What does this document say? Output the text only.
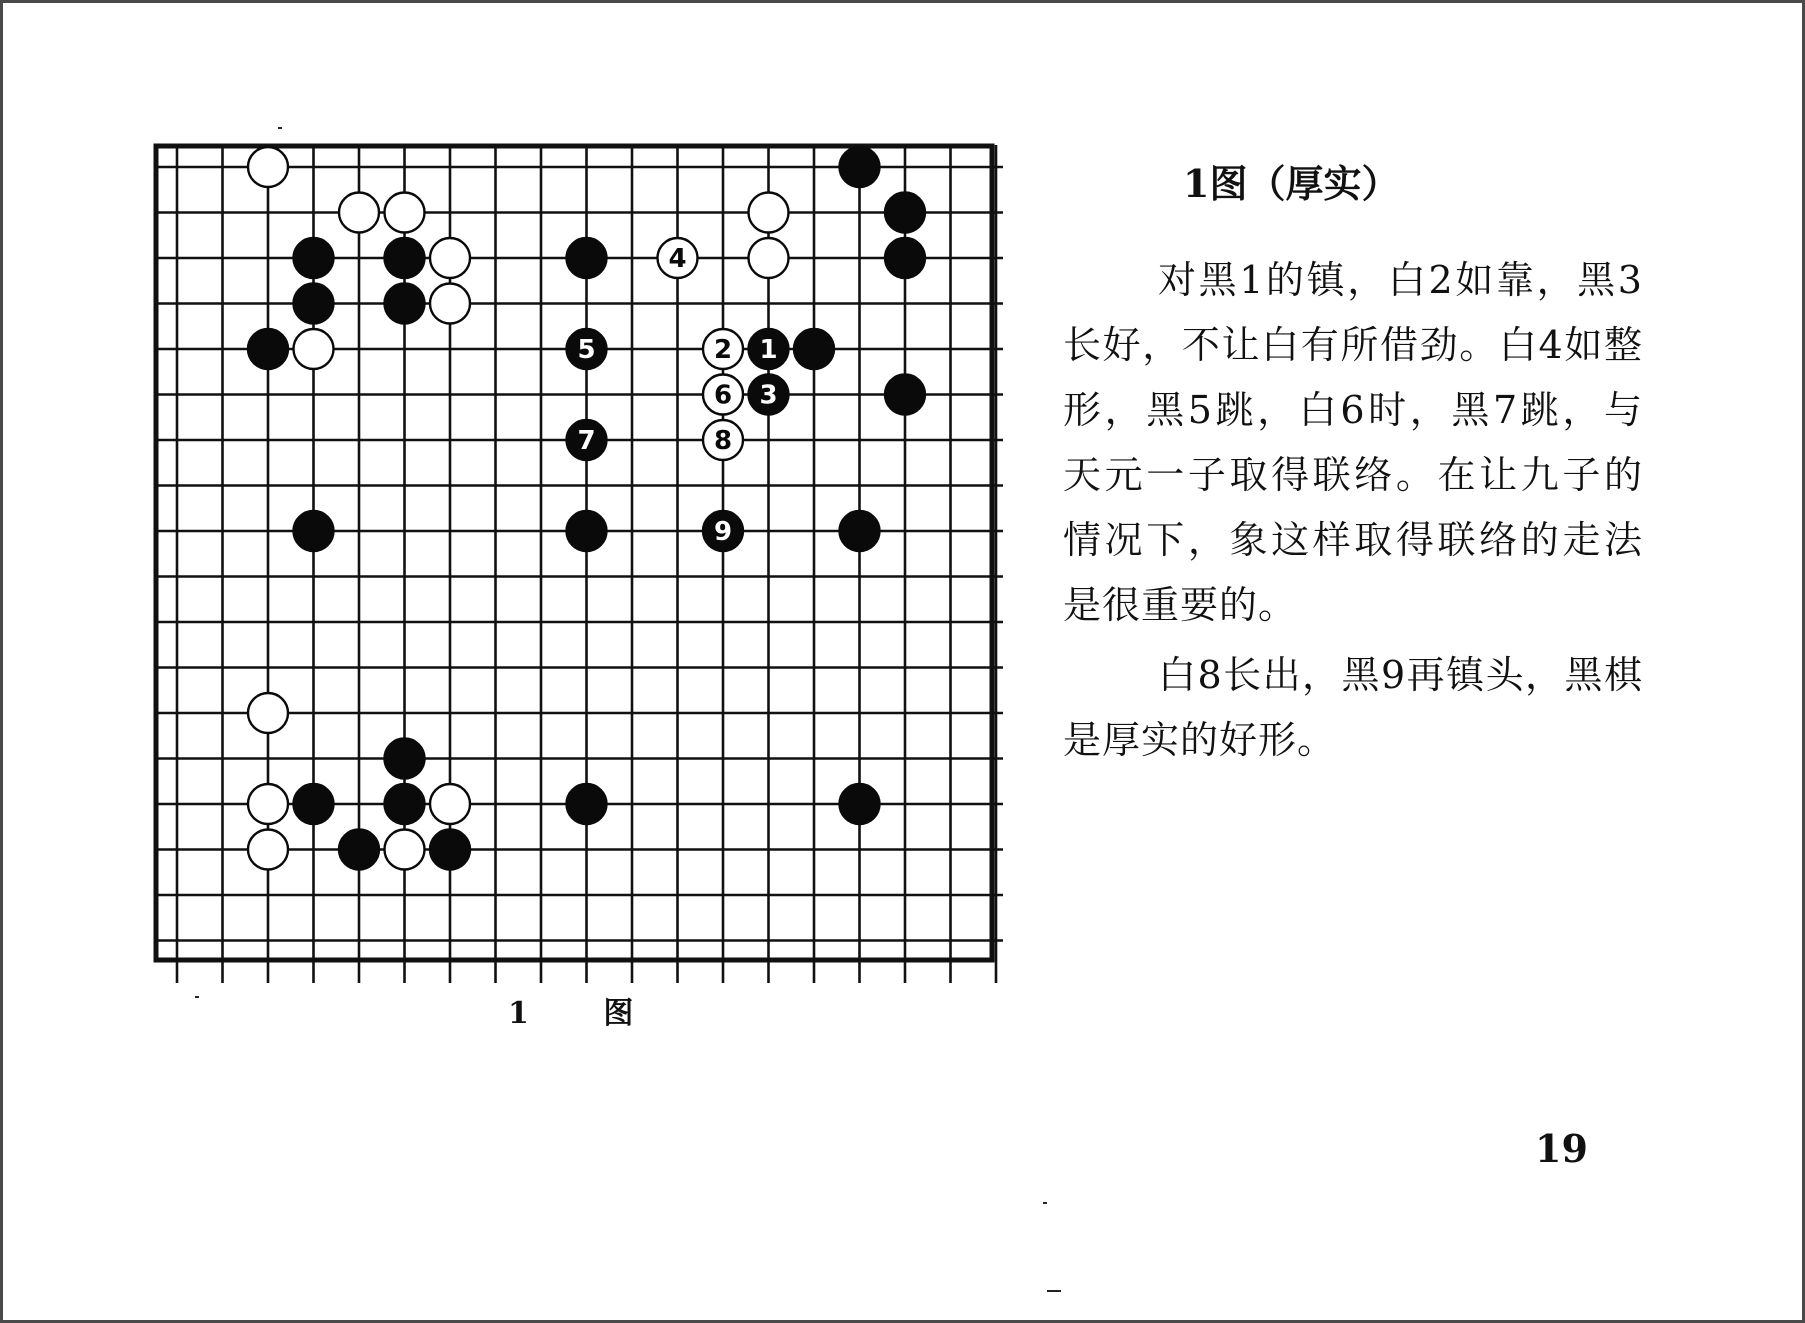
1
2
3
4
5
6
7	8
9
1 图
1图（厚实）

对黑1的镇，白2如靠，黑3长好，不让白有所借劲。白4如整形，黑5跳，白6时，黑7跳，与天元一子取得联络。在让九子的情况下，象这样取得联络的走法是很重要的。

白8长出，黑9再镇头，黑棋是厚实的好形。

19
